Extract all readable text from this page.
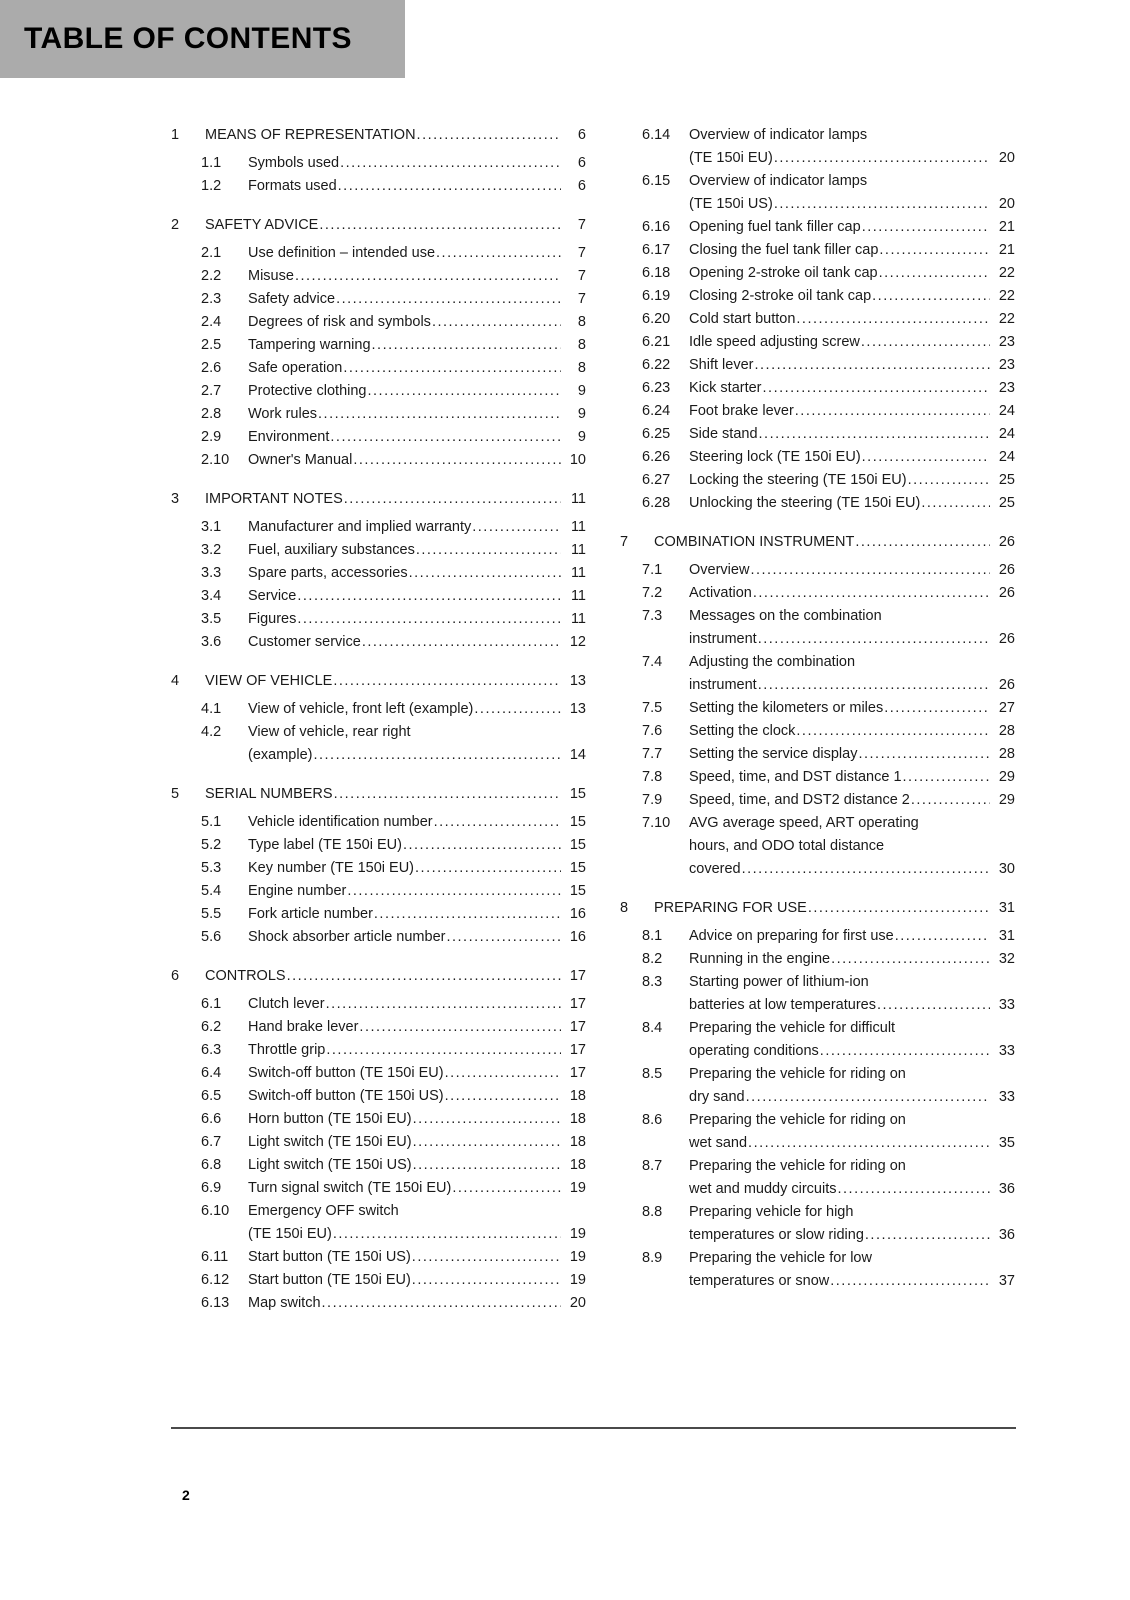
TABLE OF CONTENTS
1	MEANS OF REPRESENTATION .....	6
1.1	Symbols used .....	6
1.2	Formats used .....	6
2	SAFETY ADVICE .....	7
2.1	Use definition – intended use .....	7
2.2	Misuse .....	7
2.3	Safety advice .....	7
2.4	Degrees of risk and symbols .....	8
2.5	Tampering warning .....	8
2.6	Safe operation .....	8
2.7	Protective clothing .....	9
2.8	Work rules .....	9
2.9	Environment .....	9
2.10	Owner's Manual .....	10
3	IMPORTANT NOTES .....	11
3.1	Manufacturer and implied warranty .....	11
3.2	Fuel, auxiliary substances .....	11
3.3	Spare parts, accessories .....	11
3.4	Service .....	11
3.5	Figures .....	11
3.6	Customer service .....	12
4	VIEW OF VEHICLE .....	13
4.1	View of vehicle, front left (example) .....	13
4.2	View of vehicle, rear right
(example) .....	14
5	SERIAL NUMBERS .....	15
5.1	Vehicle identification number .....	15
5.2	Type label (TE 150i EU) .....	15
5.3	Key number (TE 150i EU) .....	15
5.4	Engine number .....	15
5.5	Fork article number .....	16
5.6	Shock absorber article number .....	16
6	CONTROLS .....	17
6.1	Clutch lever .....	17
6.2	Hand brake lever .....	17
6.3	Throttle grip .....	17
6.4	Switch-off button (TE 150i EU) .....	17
6.5	Switch-off button (TE 150i US) .....	18
6.6	Horn button (TE 150i EU) .....	18
6.7	Light switch (TE 150i EU) .....	18
6.8	Light switch (TE 150i US) .....	18
6.9	Turn signal switch (TE 150i EU) .....	19
6.10	Emergency OFF switch
(TE 150i EU) .....	19
6.11	Start button (TE 150i US) .....	19
6.12	Start button (TE 150i EU) .....	19
6.13	Map switch .....	20
6.14	Overview of indicator lamps
(TE 150i EU) .....	20
6.15	Overview of indicator lamps
(TE 150i US) .....	20
6.16	Opening fuel tank filler cap .....	21
6.17	Closing the fuel tank filler cap .....	21
6.18	Opening 2-stroke oil tank cap .....	22
6.19	Closing 2-stroke oil tank cap .....	22
6.20	Cold start button .....	22
6.21	Idle speed adjusting screw .....	23
6.22	Shift lever .....	23
6.23	Kick starter .....	23
6.24	Foot brake lever .....	24
6.25	Side stand .....	24
6.26	Steering lock (TE 150i EU) .....	24
6.27	Locking the steering (TE 150i EU) .....	25
6.28	Unlocking the steering (TE 150i EU) .....	25
7	COMBINATION INSTRUMENT .....	26
7.1	Overview .....	26
7.2	Activation .....	26
7.3	Messages on the combination
instrument .....	26
7.4	Adjusting the combination
instrument .....	26
7.5	Setting the kilometers or miles .....	27
7.6	Setting the clock .....	28
7.7	Setting the service display .....	28
7.8	Speed, time, and DST distance 1 .....	29
7.9	Speed, time, and DST2 distance 2 .....	29
7.10	AVG average speed, ART operating
hours, and ODO total distance
covered .....	30
8	PREPARING FOR USE .....	31
8.1	Advice on preparing for first use .....	31
8.2	Running in the engine .....	32
8.3	Starting power of lithium-ion
batteries at low temperatures .....	33
8.4	Preparing the vehicle for difficult
operating conditions .....	33
8.5	Preparing the vehicle for riding on
dry sand .....	33
8.6	Preparing the vehicle for riding on
wet sand .....	35
8.7	Preparing the vehicle for riding on
wet and muddy circuits .....	36
8.8	Preparing vehicle for high
temperatures or slow riding .....	36
8.9	Preparing the vehicle for low
temperatures or snow .....	37
2
